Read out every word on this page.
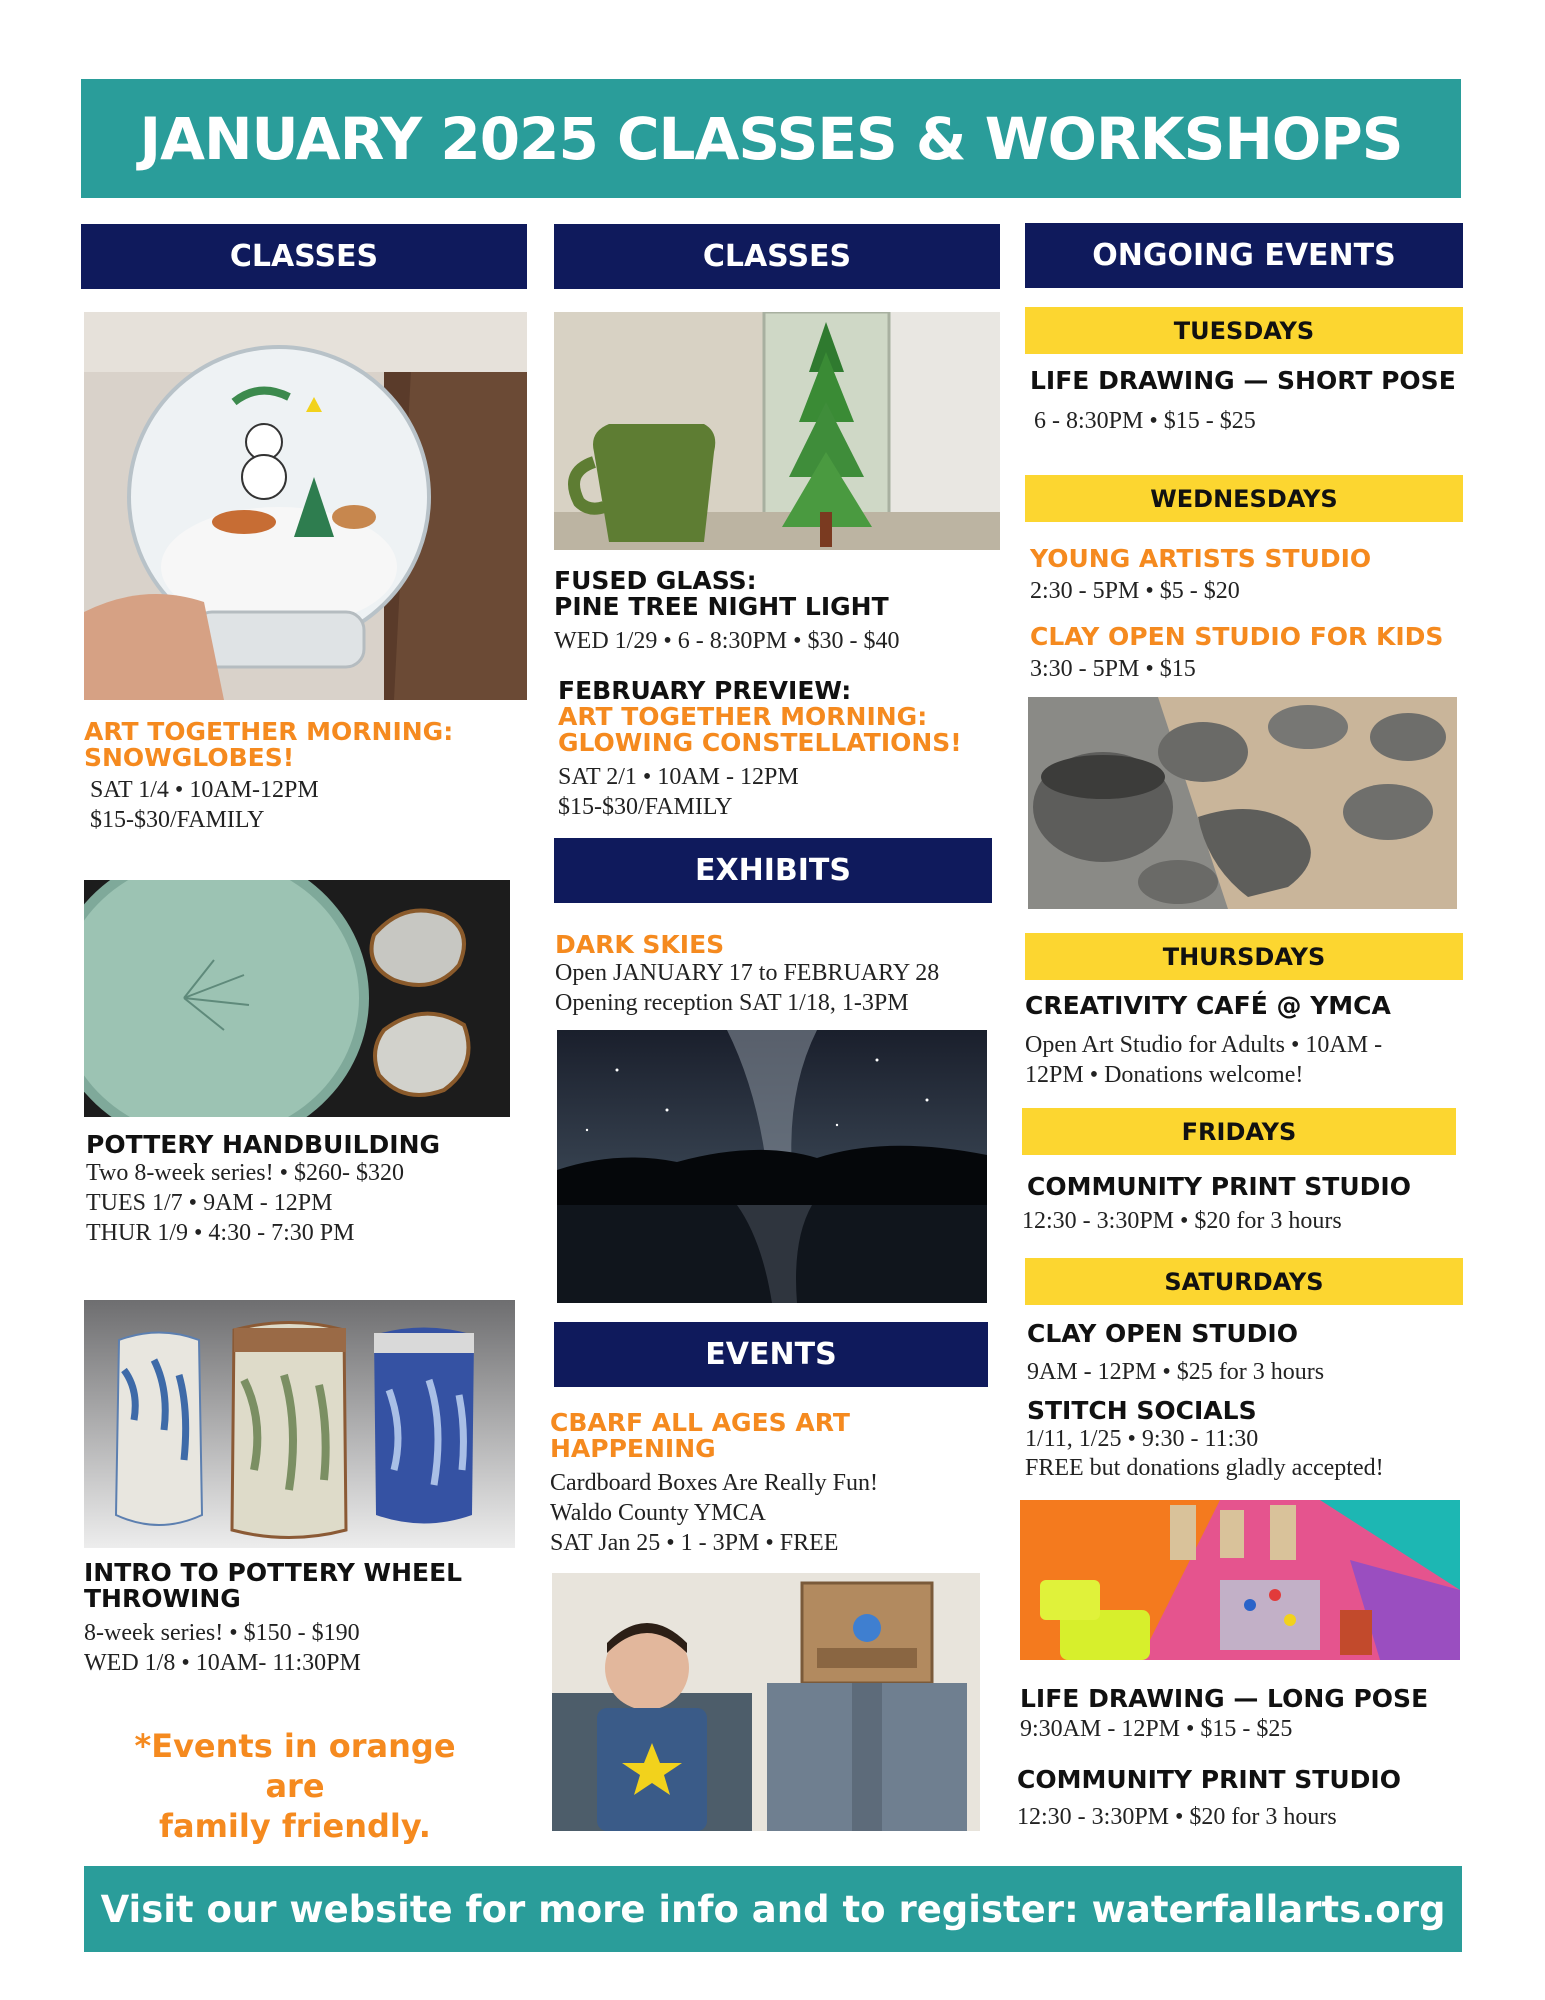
JANUARY 2025 CLASSES & WORKSHOPS
CLASSES	CLASSES	ONGOING EVENTS
ART TOGETHER MORNING:
SNOWGLOBES!
SAT 1/4 • 10AM-12PM
$15-$30/FAMILY
POTTERY HANDBUILDING
Two 8-week series! • $260- $320
TUES 1/7 • 9AM - 12PM
THUR 1/9 • 4:30 - 7:30 PM
INTRO TO POTTERY WHEEL
THROWING
8-week series! • $150 - $190
WED 1/8 • 10AM- 11:30PM
*Events in orange are
family friendly.
FUSED GLASS:
PINE TREE NIGHT LIGHT
WED 1/29 • 6 - 8:30PM • $30 - $40
FEBRUARY PREVIEW:
ART TOGETHER MORNING:
GLOWING CONSTELLATIONS!
SAT 2/1 • 10AM - 12PM
$15-$30/FAMILY
EXHIBITS
DARK SKIES
Open JANUARY 17 to FEBRUARY 28
Opening reception SAT 1/18, 1-3PM
EVENTS
CBARF ALL AGES ART
HAPPENING
Cardboard Boxes Are Really Fun!
Waldo County YMCA
SAT Jan 25 • 1 - 3PM • FREE
TUESDAYS
LIFE DRAWING — SHORT POSE
6 - 8:30PM • $15 - $25
WEDNESDAYS
YOUNG ARTISTS STUDIO
2:30 - 5PM • $5 - $20
CLAY OPEN STUDIO FOR KIDS
3:30 - 5PM • $15
THURSDAYS
CREATIVITY CAFÉ @ YMCA
Open Art Studio for Adults • 10AM -
12PM • Donations welcome!
FRIDAYS
COMMUNITY PRINT STUDIO
12:30 - 3:30PM • $20 for 3 hours
SATURDAYS
CLAY OPEN STUDIO
9AM - 12PM • $25 for 3 hours
STITCH SOCIALS
1/11, 1/25 • 9:30 - 11:30
FREE but donations gladly accepted!
LIFE DRAWING — LONG POSE
9:30AM - 12PM • $15 - $25
COMMUNITY PRINT STUDIO
12:30 - 3:30PM • $20 for 3 hours
Visit our website for more info and to register: waterfallarts.org
